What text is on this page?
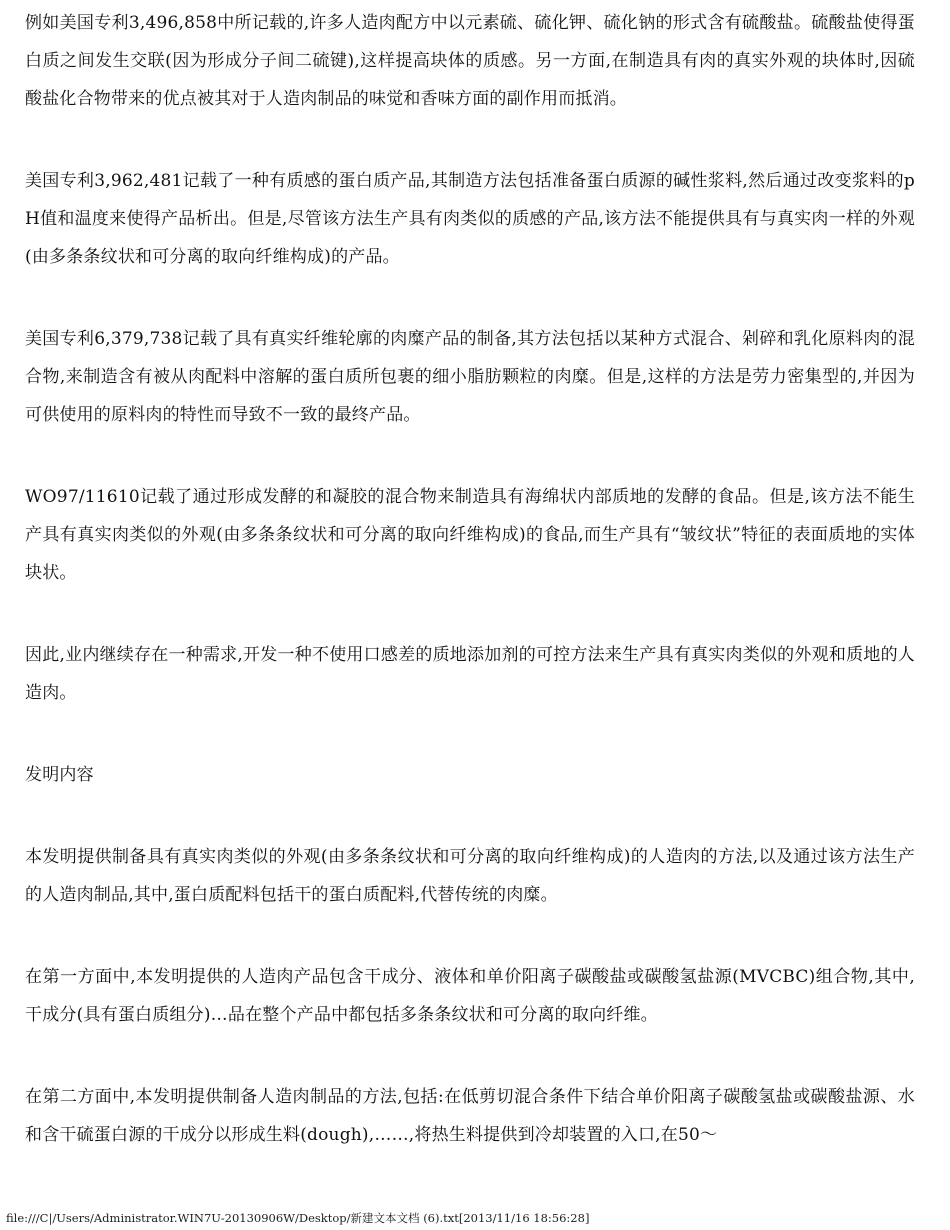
例如美国专利3,496,858中所记载的,许多人造肉配方中以元素硫、硫化钾、硫化钠的形式含有硫酸盐。硫酸盐使得蛋白质之间发生交联(因为形成分子间二硫键),这样提高块体的质感。另一方面,在制造具有肉的真实外观的块体时,因硫酸盐化合物带来的优点被其对于人造肉制品的味觉和香味方面的副作用而抵消。

美国专利3,962,481记载了一种有质感的蛋白质产品,其制造方法包括准备蛋白质源的碱性浆料,然后通过改变浆料的pH值和温度来使得产品析出。但是,尽管该方法生产具有肉类似的质感的产品,该方法不能提供具有与真实肉一样的外观(由多条条纹状和可分离的取向纤维构成)的产品。

美国专利6,379,738记载了具有真实纤维轮廓的肉糜产品的制备,其方法包括以某种方式混合、剁碎和乳化原料肉的混合物,来制造含有被从肉配料中溶解的蛋白质所包裹的细小脂肪颗粒的肉糜。但是,这样的方法是劳力密集型的,并因为可供使用的原料肉的特性而导致不一致的最终产品。

WO97/11610记载了通过形成发酵的和凝胶的混合物来制造具有海绵状内部质地的发酵的食品。但是,该方法不能生产具有真实肉类似的外观(由多条条纹状和可分离的取向纤维构成)的食品,而生产具有“皱纹状”特征的表面质地的实体块状。

因此,业内继续存在一种需求,开发一种不使用口感差的质地添加剂的可控方法来生产具有真实肉类似的外观和质地的人造肉。

发明内容

本发明提供制备具有真实肉类似的外观(由多条条纹状和可分离的取向纤维构成)的人造肉的方法,以及通过该方法生产的人造肉制品,其中,蛋白质配料包括干的蛋白质配料,代替传统的肉糜。

在第一方面中,本发明提供的人造肉产品包含干成分、液体和单价阳离子碳酸盐或碳酸氢盐源(MVCBC)组合物,其中,干成分(具有蛋白质组分)…品在整个产品中都包括多条条纹状和可分离的取向纤维。

在第二方面中,本发明提供制备人造肉制品的方法,包括:在低剪切混合条件下结合单价阳离子碳酸氢盐或碳酸盐源、水和含干硫蛋白源的干成分以形成生料(dough),……,将热生料提供到冷却装置的入口,在50～

file:///C|/Users/Administrator.WIN7U-20130906W/Desktop/新建文本文档 (6).txt[2013/11/16 18:56:28]
